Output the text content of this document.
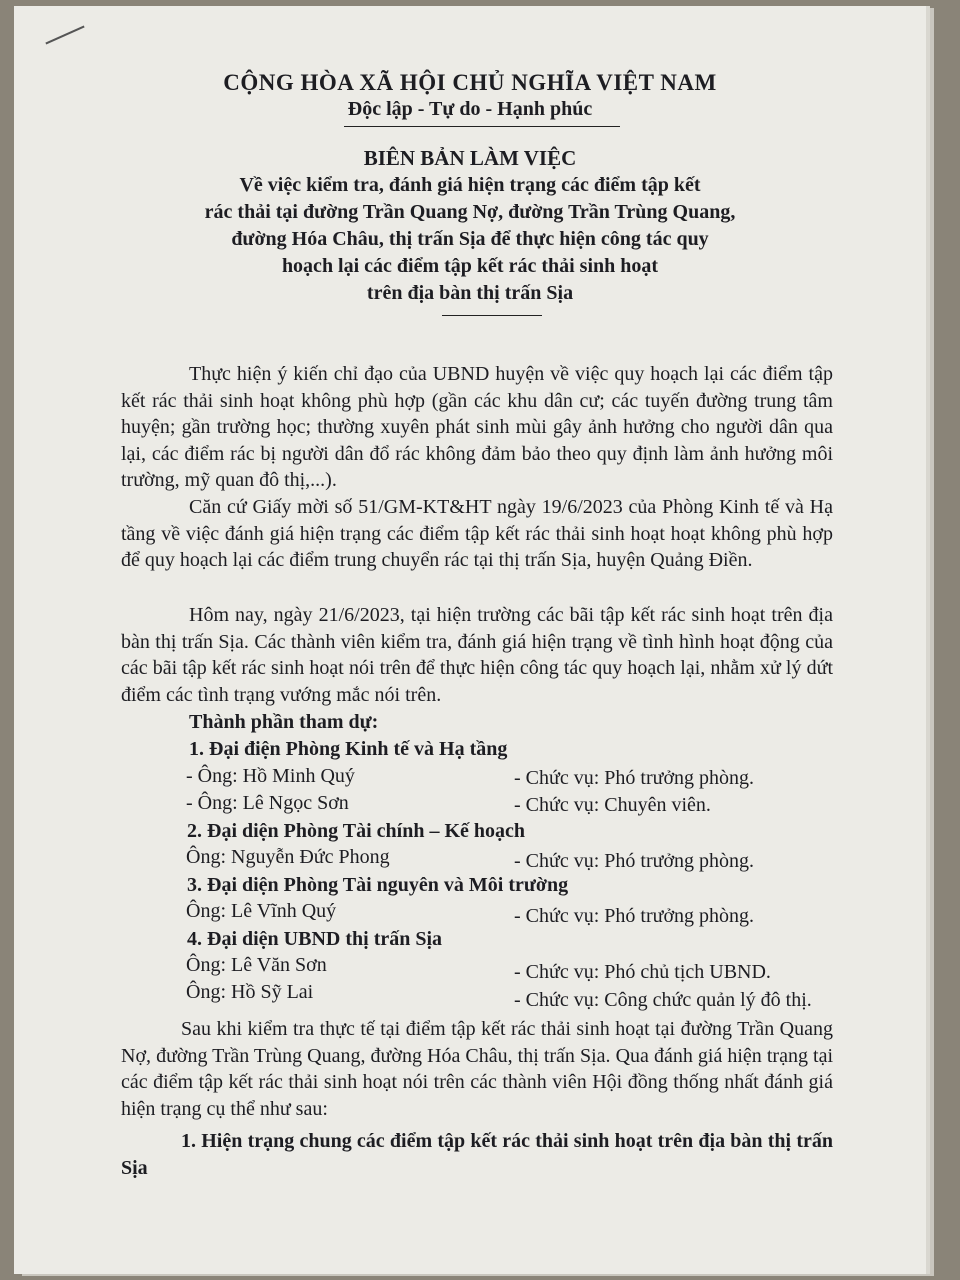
CỘNG HÒA XÃ HỘI CHỦ NGHĨA VIỆT NAM
Độc lập - Tự do - Hạnh phúc
BIÊN BẢN LÀM VIỆC
Về việc kiểm tra, đánh giá hiện trạng các điểm tập kết
rác thải tại đường Trần Quang Nợ, đường Trần Trùng Quang,
đường Hóa Châu, thị trấn Sịa để thực hiện công tác quy
hoạch lại các điểm tập kết rác thải sinh hoạt
trên địa bàn thị trấn Sịa
Thực hiện ý kiến chỉ đạo của UBND huyện về việc quy hoạch lại các điểm tập kết rác thải sinh hoạt không phù hợp (gần các khu dân cư; các tuyến đường trung tâm huyện; gần trường học; thường xuyên phát sinh mùi gây ảnh hưởng cho người dân qua lại, các điểm rác bị người dân đổ rác không đảm bảo theo quy định làm ảnh hưởng môi trường, mỹ quan đô thị,...).
Căn cứ Giấy mời số 51/GM-KT&HT ngày 19/6/2023 của Phòng Kinh tế và Hạ tầng về việc đánh giá hiện trạng các điểm tập kết rác thải sinh hoạt hoạt không phù hợp để quy hoạch lại các điểm trung chuyển rác tại thị trấn Sịa, huyện Quảng Điền.
Hôm nay, ngày 21/6/2023, tại hiện trường các bãi tập kết rác sinh hoạt trên địa bàn thị trấn Sịa. Các thành viên kiểm tra, đánh giá hiện trạng về tình hình hoạt động của các bãi tập kết rác sinh hoạt nói trên để thực hiện công tác quy hoạch lại, nhằm xử lý dứt điểm các tình trạng vướng mắc nói trên.
Thành phần tham dự:
1. Đại điện Phòng Kinh tế và Hạ tầng
- Ông: Hồ Minh Quý	- Chức vụ: Phó trưởng phòng.
- Ông: Lê Ngọc Sơn	- Chức vụ: Chuyên viên.
2. Đại diện Phòng Tài chính – Kế hoạch
Ông: Nguyễn Đức Phong	- Chức vụ: Phó trưởng phòng.
3. Đại diện Phòng Tài nguyên và Môi trường
Ông: Lê Vĩnh Quý	- Chức vụ: Phó trưởng phòng.
4. Đại diện UBND thị trấn Sịa
Ông: Lê Văn Sơn	- Chức vụ: Phó chủ tịch UBND.
Ông: Hồ Sỹ Lai	- Chức vụ: Công chức quản lý đô thị.
Sau khi kiểm tra thực tế tại điểm tập kết rác thải sinh hoạt tại đường Trần Quang Nợ, đường Trần Trùng Quang, đường Hóa Châu, thị trấn Sịa. Qua đánh giá hiện trạng tại các điểm tập kết rác thải sinh hoạt nói trên các thành viên Hội đồng thống nhất đánh giá hiện trạng cụ thể như sau:
1. Hiện trạng chung các điểm tập kết rác thải sinh hoạt trên địa bàn thị trấn Sịa
